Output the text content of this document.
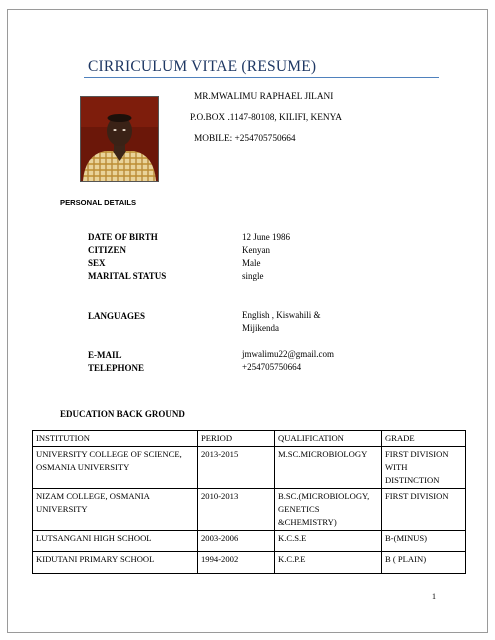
CIRRICULUM VITAE (RESUME)
MR.MWALIMU RAPHAEL JILANI
P.O.BOX .1147-80108, KILIFI, KENYA
MOBILE: +254705750664
PERSONAL DETAILS
DATE OF BIRTH	12 June 1986
CITIZEN	Kenyan
SEX	Male
MARITAL STATUS	single
LANGUAGES	English , Kiswahili & Mijikenda
E-MAIL	jmwalimu22@gmail.com
TELEPHONE	+254705750664
EDUCATION BACK GROUND
INSTITUTION	PERIOD	QUALIFICATION	GRADE
UNIVERSITY COLLEGE OF SCIENCE, OSMANIA UNIVERSITY	2013-2015	M.SC.MICROBIOLOGY	FIRST DIVISION WITH DISTINCTION
NIZAM COLLEGE, OSMANIA UNIVERSITY	2010-2013	B.SC.(MICROBIOLOGY, GENETICS &CHEMISTRY)	FIRST DIVISION
LUTSANGANI HIGH SCHOOL	2003-2006	K.C.S.E	B-(MINUS)
KIDUTANI PRIMARY SCHOOL	1994-2002	K.C.P.E	B ( PLAIN)
1
